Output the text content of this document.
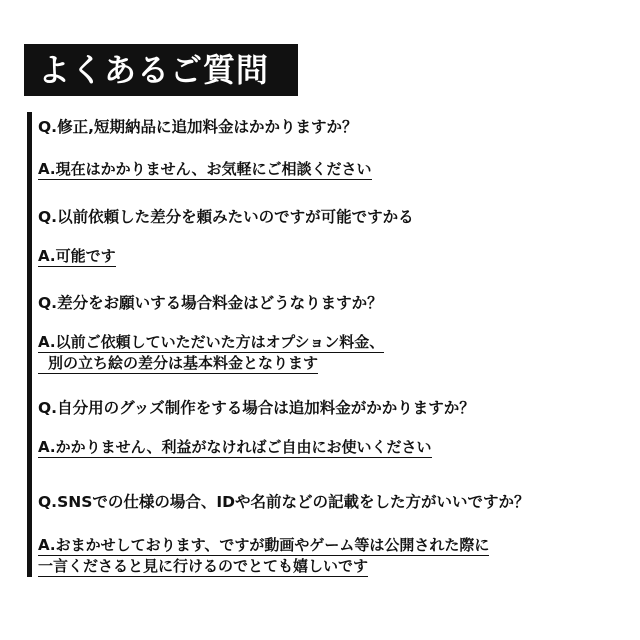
よくあるご質問
Q.修正,短期納品に追加料金はかかりますか？
A.現在はかかりません、お気軽にご相談ください
Q.以前依頼した差分を頼みたいのですが可能ですかる
A.可能です
Q.差分をお願いする場合料金はどうなりますか？
A.以前ご依頼していただいた方はオプション料金、
別の立ち絵の差分は基本料金となります
Q.自分用のグッズ制作をする場合は追加料金がかかりますか？
A.かかりません、利益がなければご自由にお使いください
Q.SNSでの仕様の場合、IDや名前などの記載をした方がいいですか？
A.おまかせしております、ですが動画やゲーム等は公開された際に
一言くださると見に行けるのでとても嬉しいです
